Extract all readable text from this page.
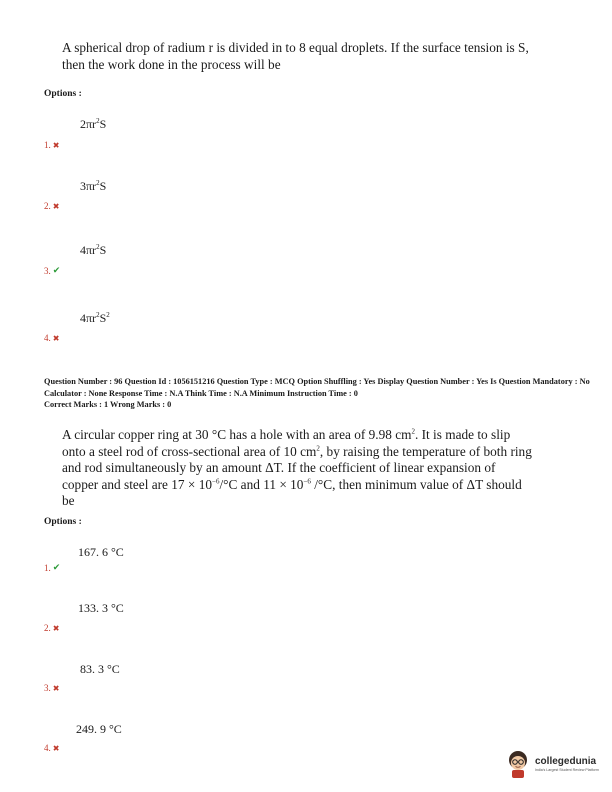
A spherical drop of radium r is divided in to 8 equal droplets. If the surface tension is S, then the work done in the process will be
Options :
$2\pi r^2S$
1. ✖
$3\pi r^2S$
2. ✖
$4\pi r^2S$
3. ✔
$4\pi r^2S^2$
4. ✖
Question Number : 96 Question Id : 1056151216 Question Type : MCQ Option Shuffling : Yes Display Question Number : Yes Is Question Mandatory : No Calculator : None Response Time : N.A Think Time : N.A Minimum Instruction Time : 0
Correct Marks : 1 Wrong Marks : 0
A circular copper ring at 30 °C has a hole with an area of 9.98 $cm^2$. It is made to slip onto a steel rod of cross-sectional area of 10 $cm^2$, by raising the temperature of both ring and rod simultaneously by an amount ΔT. If the coefficient of linear expansion of copper and steel are $17 \times 10^{-6}/^\circ C$ and $11 \times 10^{-6}$ /°C, then minimum value of ΔT should be
Options :
167. 6 °C
1. ✔
133. 3 °C
2. ✖
83. 3 °C
3. ✖
249. 9 °C
4. ✖
collegedunia
India's Largest Student Review Platform
